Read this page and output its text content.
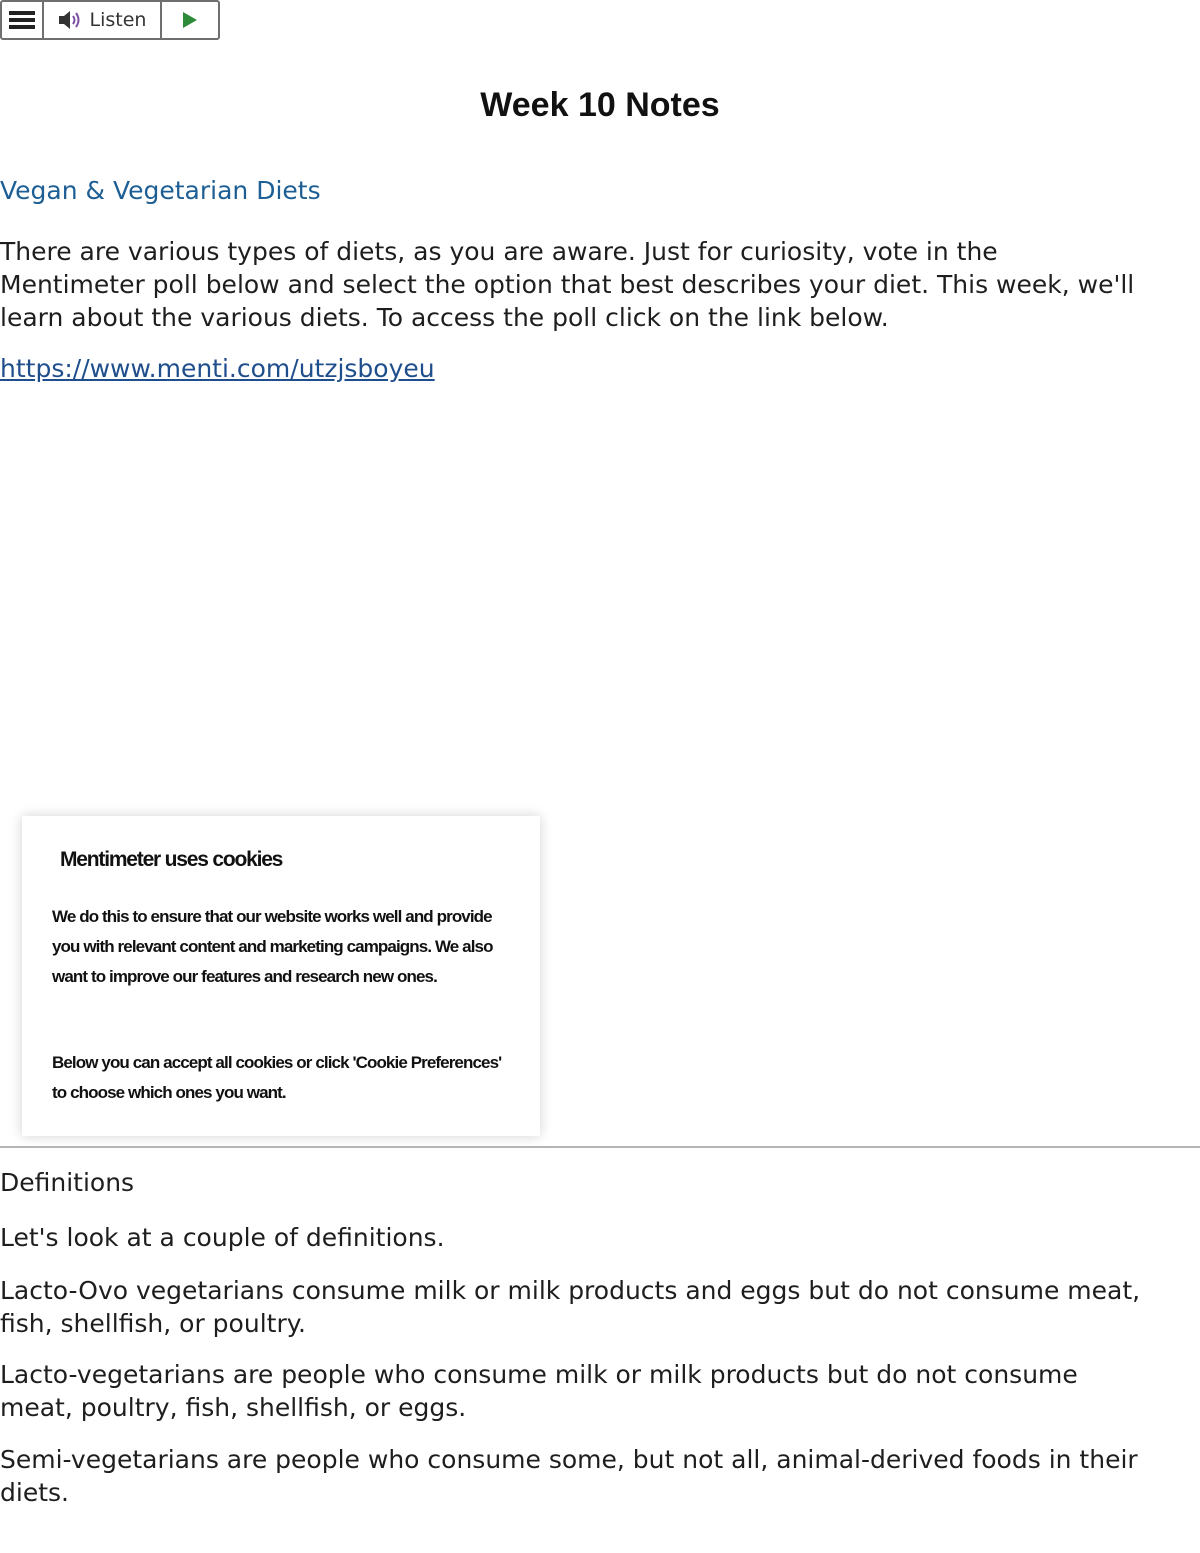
Listen
Week 10 Notes
Vegan & Vegetarian Diets

There are various types of diets, as you are aware. Just for curiosity, vote in the Mentimeter poll below and select the option that best describes your diet. This week, we'll learn about the various diets. To access the poll click on the link below.

https://www.menti.com/utzjsboyeu
Mentimeter uses cookies

We do this to ensure that our website works well and provide you with relevant content and marketing campaigns. We also want to improve our features and research new ones.

Below you can accept all cookies or click 'Cookie Preferences' to choose which ones you want.

Definitions

Let's look at a couple of definitions.

Lacto-Ovo vegetarians consume milk or milk products and eggs but do not consume meat, fish, shellfish, or poultry.

Lacto-vegetarians are people who consume milk or milk products but do not consume meat, poultry, fish, shellfish, or eggs.

Semi-vegetarians are people who consume some, but not all, animal-derived foods in their diets.
